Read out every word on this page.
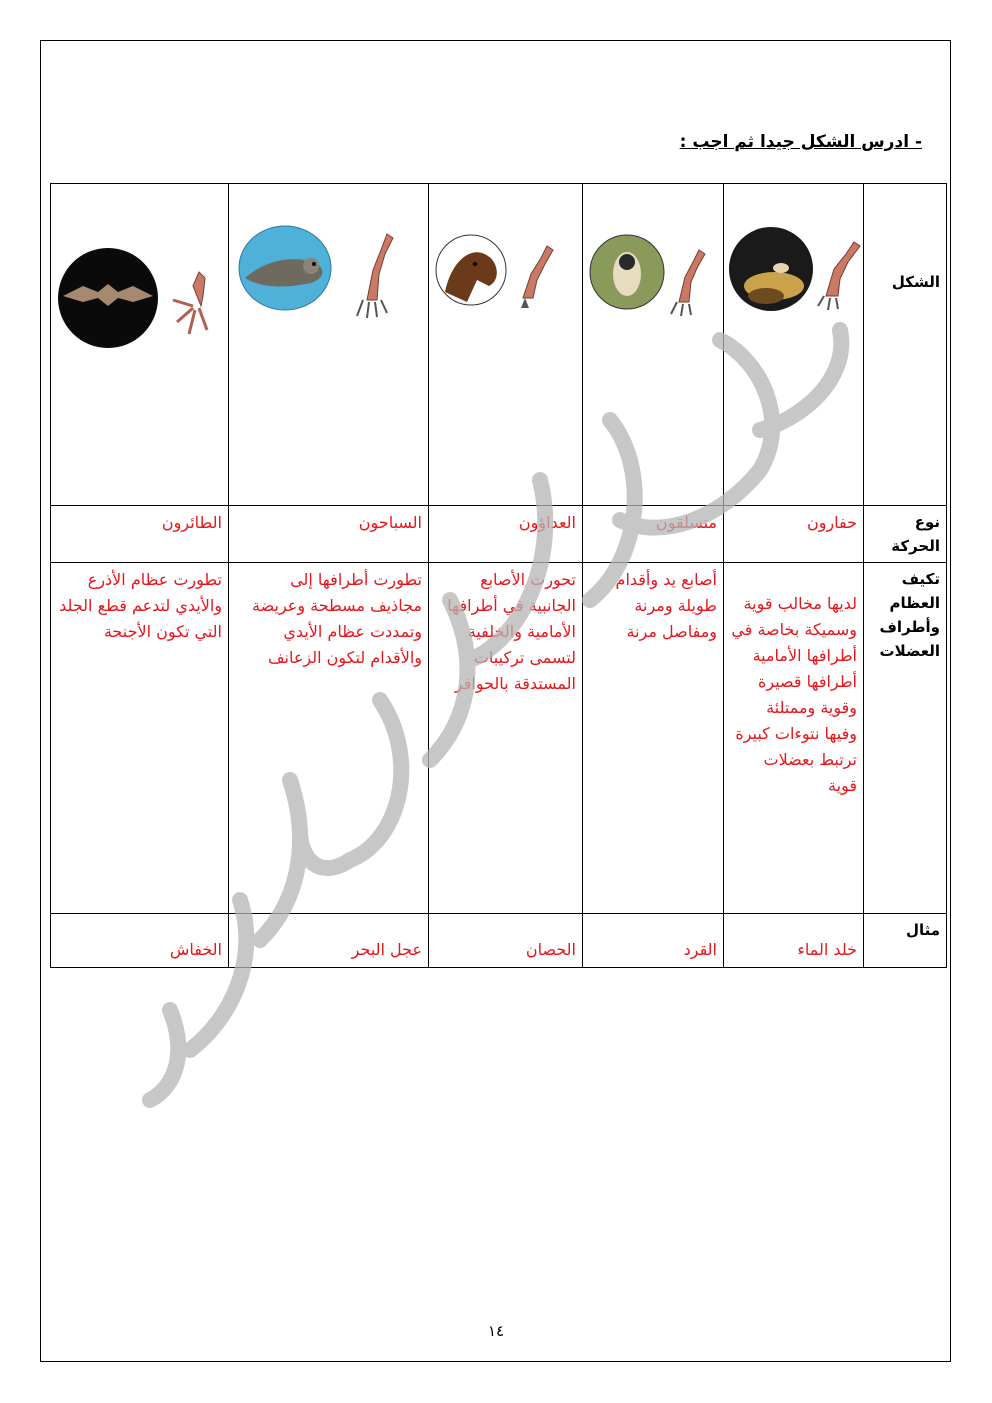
- ادرس الشكل جيدا ثم اجب :
الشكل	

نوع الحركة	حفارون	متسلقون	العداؤون	السباحون	الطائرون
تكيف العظام وأطراف العضلات	لديها مخالب قوية وسميكة بخاصة في أطرافها الأمامية أطرافها قصيرة وقوية وممتلئة وفيها نتوءات كبيرة ترتبط بعضلات قوية	أصابع يد وأقدام طويلة ومرنة ومفاصل مرنة	تحورت الأصابع الجانبية في أطرافها الأمامية والخلفية لتسمى تركيبات المستدقة بالحوافر	تطورت أطرافها إلى مجاذيف مسطحة وعريضة وتمددت عظام الأيدي والأقدام لتكون الزعانف	تطورت عظام الأذرع والأيدي لتدعم قطع الجلد التي تكون الأجنحة
مثال	خلد الماء	القرد	الحصان	عجل البحر	الخفاش
١٤
